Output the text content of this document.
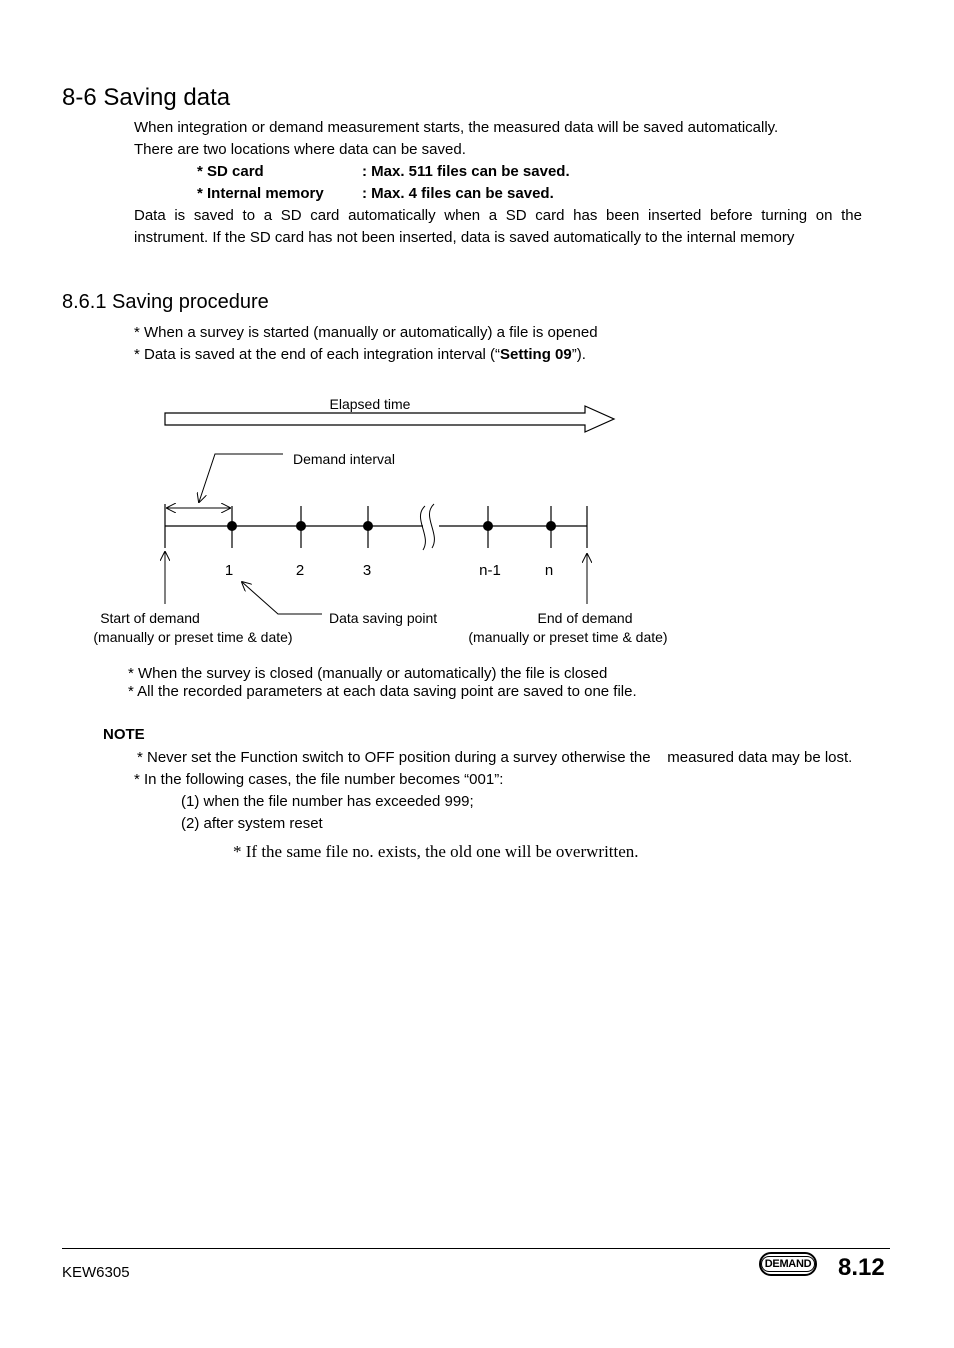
8-6 Saving data
When integration or demand measurement starts, the measured data will be saved automatically.
There are two locations where data can be saved.
* SD card	: Max. 511 files can be saved.
* Internal memory	: Max. 4 files can be saved.
Data is saved to a SD card automatically when a SD card has been inserted before turning on the
instrument. If the SD card has not been inserted, data is saved automatically to the internal memory
8.6.1 Saving procedure
* When a survey is started (manually or automatically) a file is opened
* Data is saved at the end of each integration interval (“Setting 09”).
Elapsed time
Demand interval
1	2	3	n-1	n
Start of demand
(manually or preset time & date)
Data saving point	End of demand
(manually or preset time & date)
* When the survey is closed (manually or automatically) the file is closed
* All the recorded parameters at each data saving point are saved to one file.
NOTE
* Never set the Function switch to OFF position during a survey otherwise the    measured data may be lost.
* In the following cases, the file number becomes “001”:
(1) when the file number has exceeded 999;
(2) after system reset
* If the same file no. exists, the old one will be overwritten.
KEW6305	DEMAND 8.12
